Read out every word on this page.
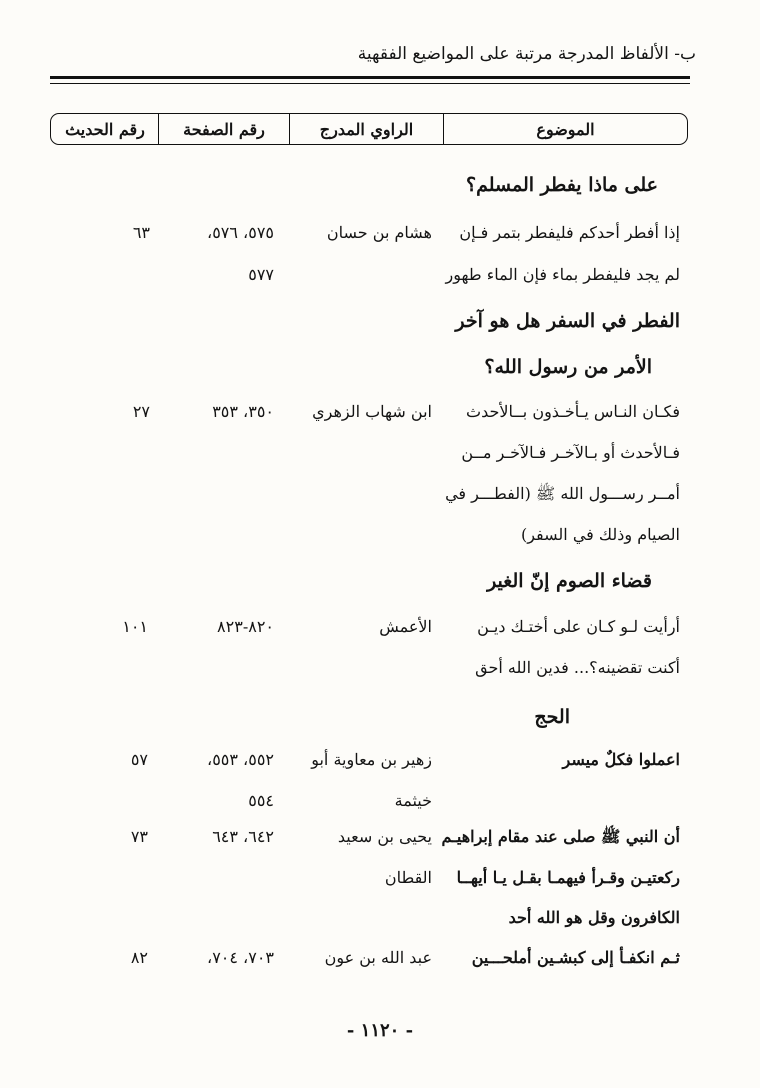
ب- الألفاظ المدرجة مرتبة على المواضيع الفقهية
الموضوع
الراوي المدرج
رقم الصفحة
رقم الحديث
على ماذا يفطر المسلم؟
إذا أفطر أحدكم فليفطر بتمر فـإن
لم يجد فليفطر بماء فإن الماء طهور
هشام بن حسان
٥٧٥، ٥٧٦،
٥٧٧
٦٣
الفطر في السفر هل هو آخر
الأمر من رسول الله؟
فكـان النـاس يـأخـذون بــالأحدث
فـالأحدث أو بـالآخـر فـالآخـر مــن
أمــر رســـول الله ﷺ (الفطـــر في
الصيام وذلك في السفر)
ابن شهاب الزهري
٣٥٠، ٣٥٣
٢٧
قضاء الصوم إنّ الغير
أرأيت لـو كـان على أختـك ديـن
أكنت تقضينه؟... فدين الله أحق
الأعمش
٨٢٠-٨٢٣
١٠١
الحج
اعملوا فكلٌ ميسر
زهير بن معاوية أبو
خيثمة
٥٥٢، ٥٥٣،
٥٥٤
٥٧
أن النبي ﷺ صلى عند مقام إبراهيـم
ركعتيـن وقـرأ فيهمـا بقـل يـا أيهــا
الكافرون وقل هو الله أحد
يحيى بن سعيد
القطان
٦٤٢، ٦٤٣
٧٣
ثـم انكفـأ إلى كبشـين أملحـــين
عبد الله بن عون
٧٠٣، ٧٠٤،
٨٢
- ١١٢٠ -
